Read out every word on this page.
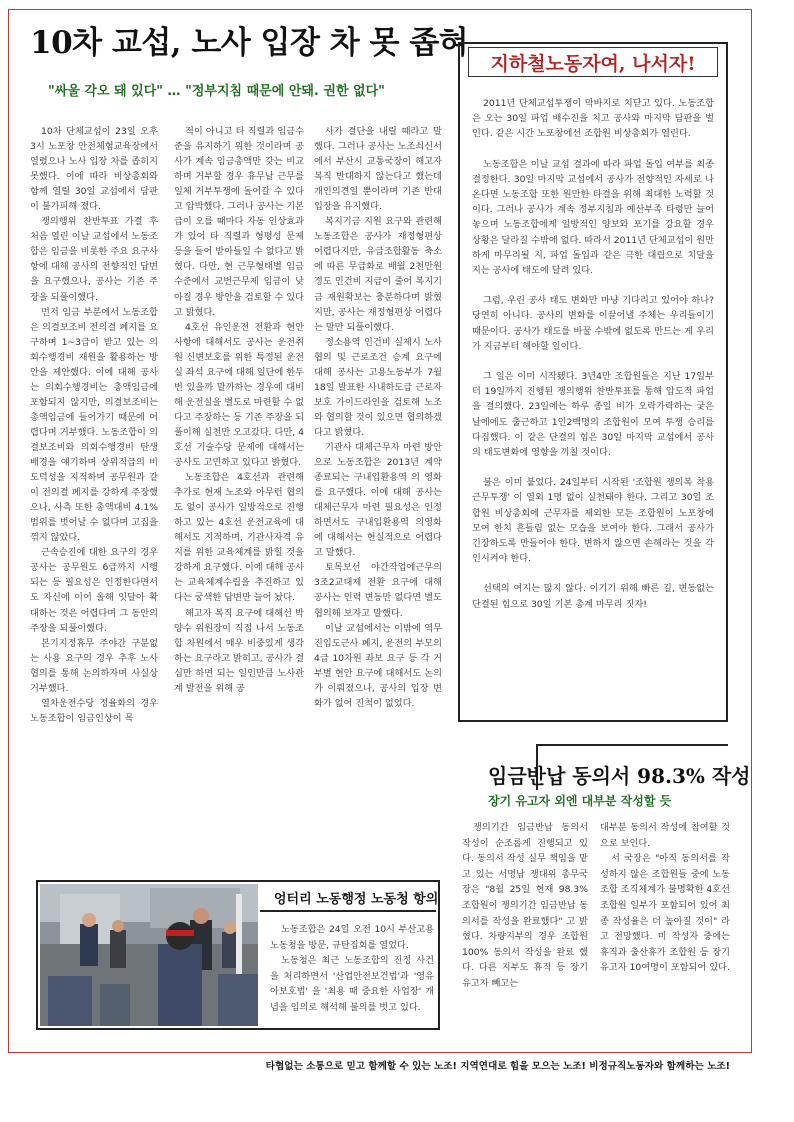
10차 교섭, 노사 입장 차 못 좁혀
"싸울 각오 돼 있다" … "정부지침 때문에 안돼. 권한 없다"

10차 단체교섭이 23일 오후 3시 노포창 안전체험교육장에서 열렸으나 노사 입장 차를 좁히지 못했다. 이에 따라 비상총회와 함께 열릴 30일 교섭에서 담판이 불가피해 졌다.

쟁의행위 찬반투표 가결 후 처음 열린 이날 교섭에서 노동조합은 임금을 비롯한 주요 요구사항에 대해 공사의 전향적인 답변을 요구했으나, 공사는 기존 주장을 되풀이했다.

먼저 임금 부분에서 노동조합은 의결보조비 전의결 폐지를 요구하며 1~3급이 받고 있는 의회수행경비 재원을 활용하는 방안을 제안했다. 이에 대해 공사는 의회수행경비는 총액임금에 포함되지 않지만, 의결보조비는 총액임금에 들어가기 때문에 어렵다며 거부했다. 노동조합이 의결보조비와 의회수행경비 탄생 배경을 얘기하며 상위직급의 비도덕성을 지적하며 공무원과 같이 전의결 폐지를 강하게 주장했으나, 사측 또한 총액대비 4.1% 범위를 벗어날 수 없다며 고집을 꺾지 않았다.

근속승진에 대한 요구의 경우 공사는 공무원도 6급까지 시행되는 등 필요성은 인정한다면서도 자신에 이어 올해 잇달아 확대하는 것은 어렵다며 그 동안의 주장을 되풀이했다.

본기지정휴무 주야간 구분없는 사용 요구의 경우 추후 노사협의를 통해 논의하자며 사실상 거부했다.

열차운전수당 정율화의 경우 노동조합이 임금인상이 목

적이 아니고 타 직렬과 임금수준을 유지하기 위한 것이라며 공사가 계속 임금총액만 갖는 비교하며 거부할 경우 휴무날 근무를 일체 거부투쟁에 돌어갈 수 있다고 압박했다. 그러나 공사는 기본급이 오를 때마다 자동 인상효과가 있어 타 직렬과 형평성 문제 등을 들어 받아들일 수 없다고 밝혔다. 다만, 현 근무형태별 임금 수준에서 교번근무제 임금이 낮아질 경우 방안을 검토할 수 있다고 밝혔다.

4호선 유인운전 전환과 현안사항에 대해서도 공사는 운전취원 신변보호를 위한 특정된 운전실 좌석 요구에 대해 일단에 한두 번 있을까 말까하는 경우에 대비해 운전실을 별도로 마련할 수 없다고 주장하는 등 기존 주장을 되풀이해 실천만 오고갔다. 다만, 4호선 기술수당 문제에 대해서는 공사도 고민하고 있다고 밝혔다.

노동조합은 4호선과 관련해 추가로 현재 노조와 아무런 협의도 없이 공사가 일방적으로 진행하고 있는 4호선 운전교육에 대해서도 지적하며, 기관사자격 유지를 위한 교육체계를 밝힐 것을 강하게 요구했다. 이에 대해 공사는 교육체계수립을 추진하고 있다는 궁색한 답변만 늘어 놨다.

해고자 복직 요구에 대해선 박양수 위원장이 직접 나서 노동조합 차원에서 매우 비중있게 생각하는 요구라고 밝히고, 공사가 결심만 하면 되는 일인만큼 노사관계 발전을 위해 공

사가 결단을 내릴 때라고 말했다. 그러나 공사는 노조쇠신서에서 부산시 교통국장이 해고자 복직 반대하지 않는다고 했는데 개인의견일 뿐이라며 기존 반대 입장을 유지했다.

복지기금 지원 요구와 관련해 노동조합은 공사가 재정형편상 어렵다지만, 유급조합활동 축소에 따른 무급화로 배월 2천만원 정도 인건비 지급이 줄어 복지기금 재원확보는 충분하다며 밝혔지만, 공사는 재정형편상 어렵다는 말만 되풀이했다.

정소용역 인건비 실제시 노사협의 및 근로조건 승계 요구에 대해 공사는 고용노동부가 7월 18일 발표한 사내하도급 근로자보호 가이드라인을 검토해 노조와 협의할 것이 있으면 협의하겠다고 밝혔다.

기관사 대체근무자 마련 방안으로 노동조합은 2013년 계약종료되는 구내입환용역 의 영화를 요구했다. 이에 대해 공사는 대체근무자 마련 필요성은 인정하면서도 구내입환용역 의영화에 대해서는 현실적으로 어렵다고 말했다.

토목보선 야간작업에근무의 3조2교대제 전환 요구에 대해 공사는 인력 변동만 없다면 별도 협의해 보자고 말했다.

이날 교섭에서는 이밖에 역무 진입도근사 폐지, 운전의 부모의 4급 10차원 좌보 요구 등 각 거부별 현안 요구에 대해서도 논의가 이뤄졌으나, 공사의 입장 변화가 없어 진척이 없었다.

지하철노동자여, 나서자!

2011년 단체교섭투쟁이 막바지로 치닫고 있다. 노동조합은 오는 30일 파업 배수진을 치고 공사와 마지막 담판을 벌인다. 같은 시간 노포창에선 조합원 비상총회가 열린다.

노동조합은 이날 교섭 결과에 따라 파업 돌입 여부를 최종 결정한다. 30일 마지막 교섭에서 공사가 전향적인 자세로 나온다면 노동조합 또한 원만한 타결을 위해 최대한 노력할 것이다. 그러나 공사가 계속 정부지침과 예산부족 타령만 늘어놓으며 노동조합에게 일방적인 양보와 포기를 강요할 경우 상황은 달라질 수밖에 없다. 따라서 2011년 단체교섭이 원만하게 마무리될 지, 파업 돌입과 같은 극한 대립으로 치달을 지는 공사에 태도에 달려 있다.

그럼, 우린 공사 태도 변화만 마냥 기다리고 있어야 하나? 당연히 아니다. 공사의 변화를 이끌어낼 주체는 우리들이기 때문이다. 공사가 태도를 바꿀 수밖에 없도록 만드는 게 우리가 지금부터 해야할 일이다.

그 일은 이미 시작됐다. 3년4만 조합원들은 지난 17일부터 19일까지 진행된 쟁의행위 찬반투표를 통해 압도적 파업을 결의했다. 23일에는 하루 종일 비가 오락가락하는 궂은 날에에도 출근하고 1인2백명의 조합원이 모여 투쟁 승리를 다짐했다. 이 같은 단결의 힘은 30일 마지막 교섭에서 공사의 태도변화에 영향을 끼칠 것이다.

불은 이미 붙었다. 24일부터 시작된 '조합원 쟁의복 착용 근무투쟁' 이 열외 1명 없이 실천돼야 한다. 그리고 30일 조합원 비상총회에 근무자를 제외한 모든 조합원이 노포창에 모여 한치 흔들림 없는 모습을 보여야 한다. 그래서 공사가 긴장하도록 만들어야 한다. 변하지 않으면 손해라는 것을 각인시켜야 한다.

선택의 여지는 많지 않다. 이기기 위해 빠른 길, 변동없는 단결된 힘으로 30일 기본 총계 마무리 짓자!

임금반납 동의서 98.3% 작성
장기 유고자 외엔 대부분 작성할 듯

쟁의기간 임금반납 동의서 작성이 순조롭게 진행되고 있다. 동의서 작성 실무 책임을 맡고 있는 서명남 쟁대위 총무국장은 "8월 25일 현재 98.3% 조합원이 쟁의기간 임금반납 동의서를 작성을 완료했다" 고 밝혔다. 차량지부의 경우 조합원 100% 동의서 작성을 완료 했다. 다른 지부도 휴직 등 장기 유고자 빼고는

대부분 동의서 작성에 참여할 것으로 보인다.

서 국장은 "아직 동의서를 작성하지 않은 조합원들 중에 노동조합 조직체계가 불명확한 4호선 조합원 일부가 포함되어 있어 최종 작성율은 더 높아질 것이" 라고 전망했다. 미 작성자 중에는 휴직과 출산휴가 조합원 등 장기 유고자 10여명이 포함되어 있다.

엉터리 노동행정 노동청 항의

노동조합은 24일 오전 10시 부산고용노동청을 방문, 규탄집회를 열었다.

노동청은 최근 노동조합의 진정 사건을 처리하면서 '산업안전보건법'과 '영유아보호법' 을 '최용 때 중요한 사업장' 개념을 임의로 해석해 불의를 벗고 있다.

타협없는 소통으로 믿고 함께할 수 있는 노조! 지역연대로 힘을 모으는 노조! 비정규직노동자와 함께하는 노조!
